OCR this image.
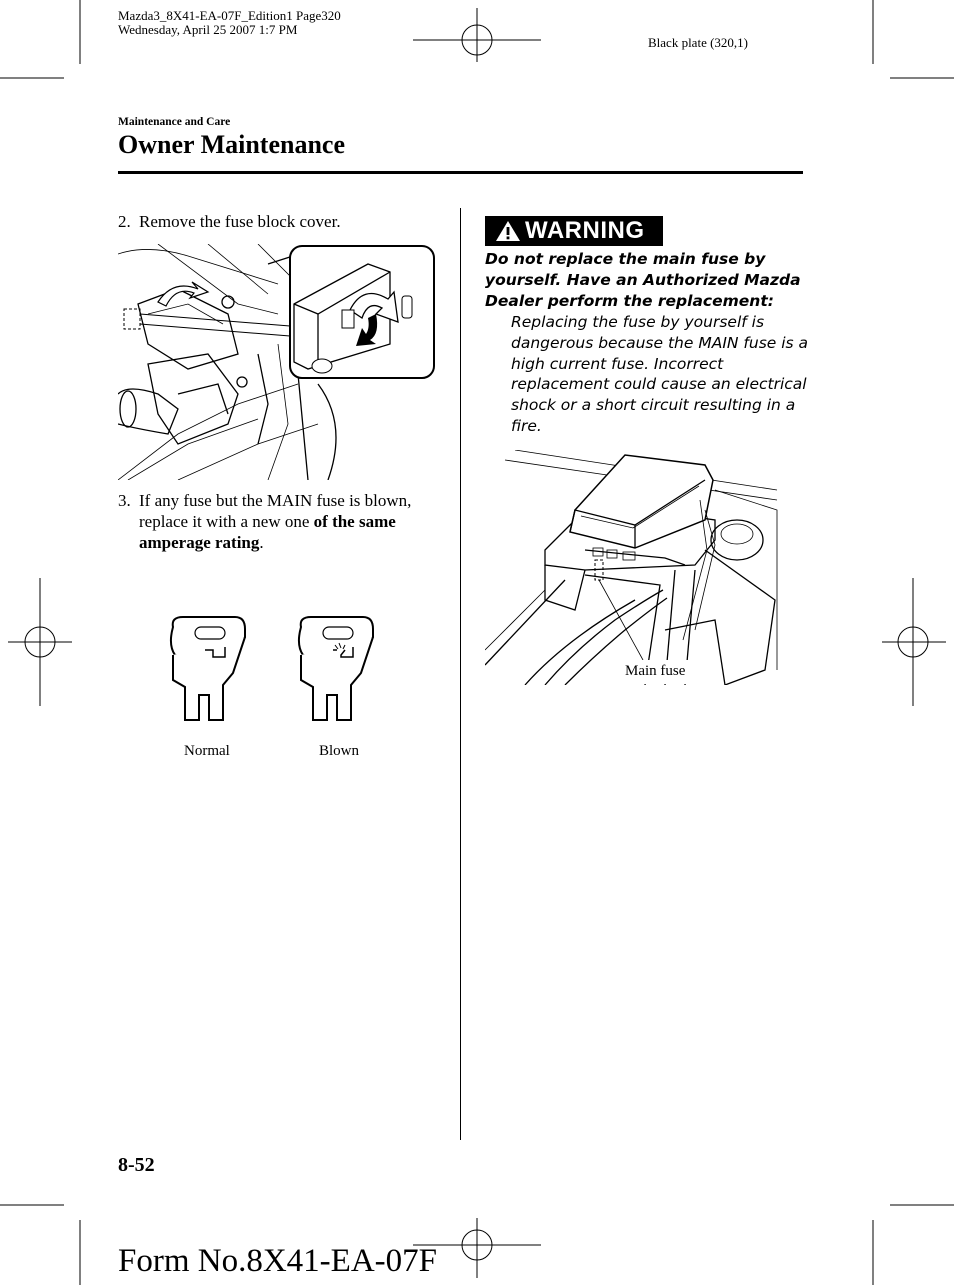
Mazda3_8X41-EA-07F_Edition1 Page320
Wednesday, April 25 2007 1:7 PM
Black plate (320,1)
Maintenance and Care
Owner Maintenance
2. Remove the fuse block cover.
3. If any fuse but the MAIN fuse is blown, replace it with a new one of the same amperage rating.
Normal	Blown
WARNING
Do not replace the main fuse by yourself. Have an Authorized Mazda Dealer perform the replacement:
Replacing the fuse by yourself is dangerous because the MAIN fuse is a high current fuse. Incorrect replacement could cause an electrical shock or a short circuit resulting in a fire.
Main fuse
8-52
Form No.8X41-EA-07F
